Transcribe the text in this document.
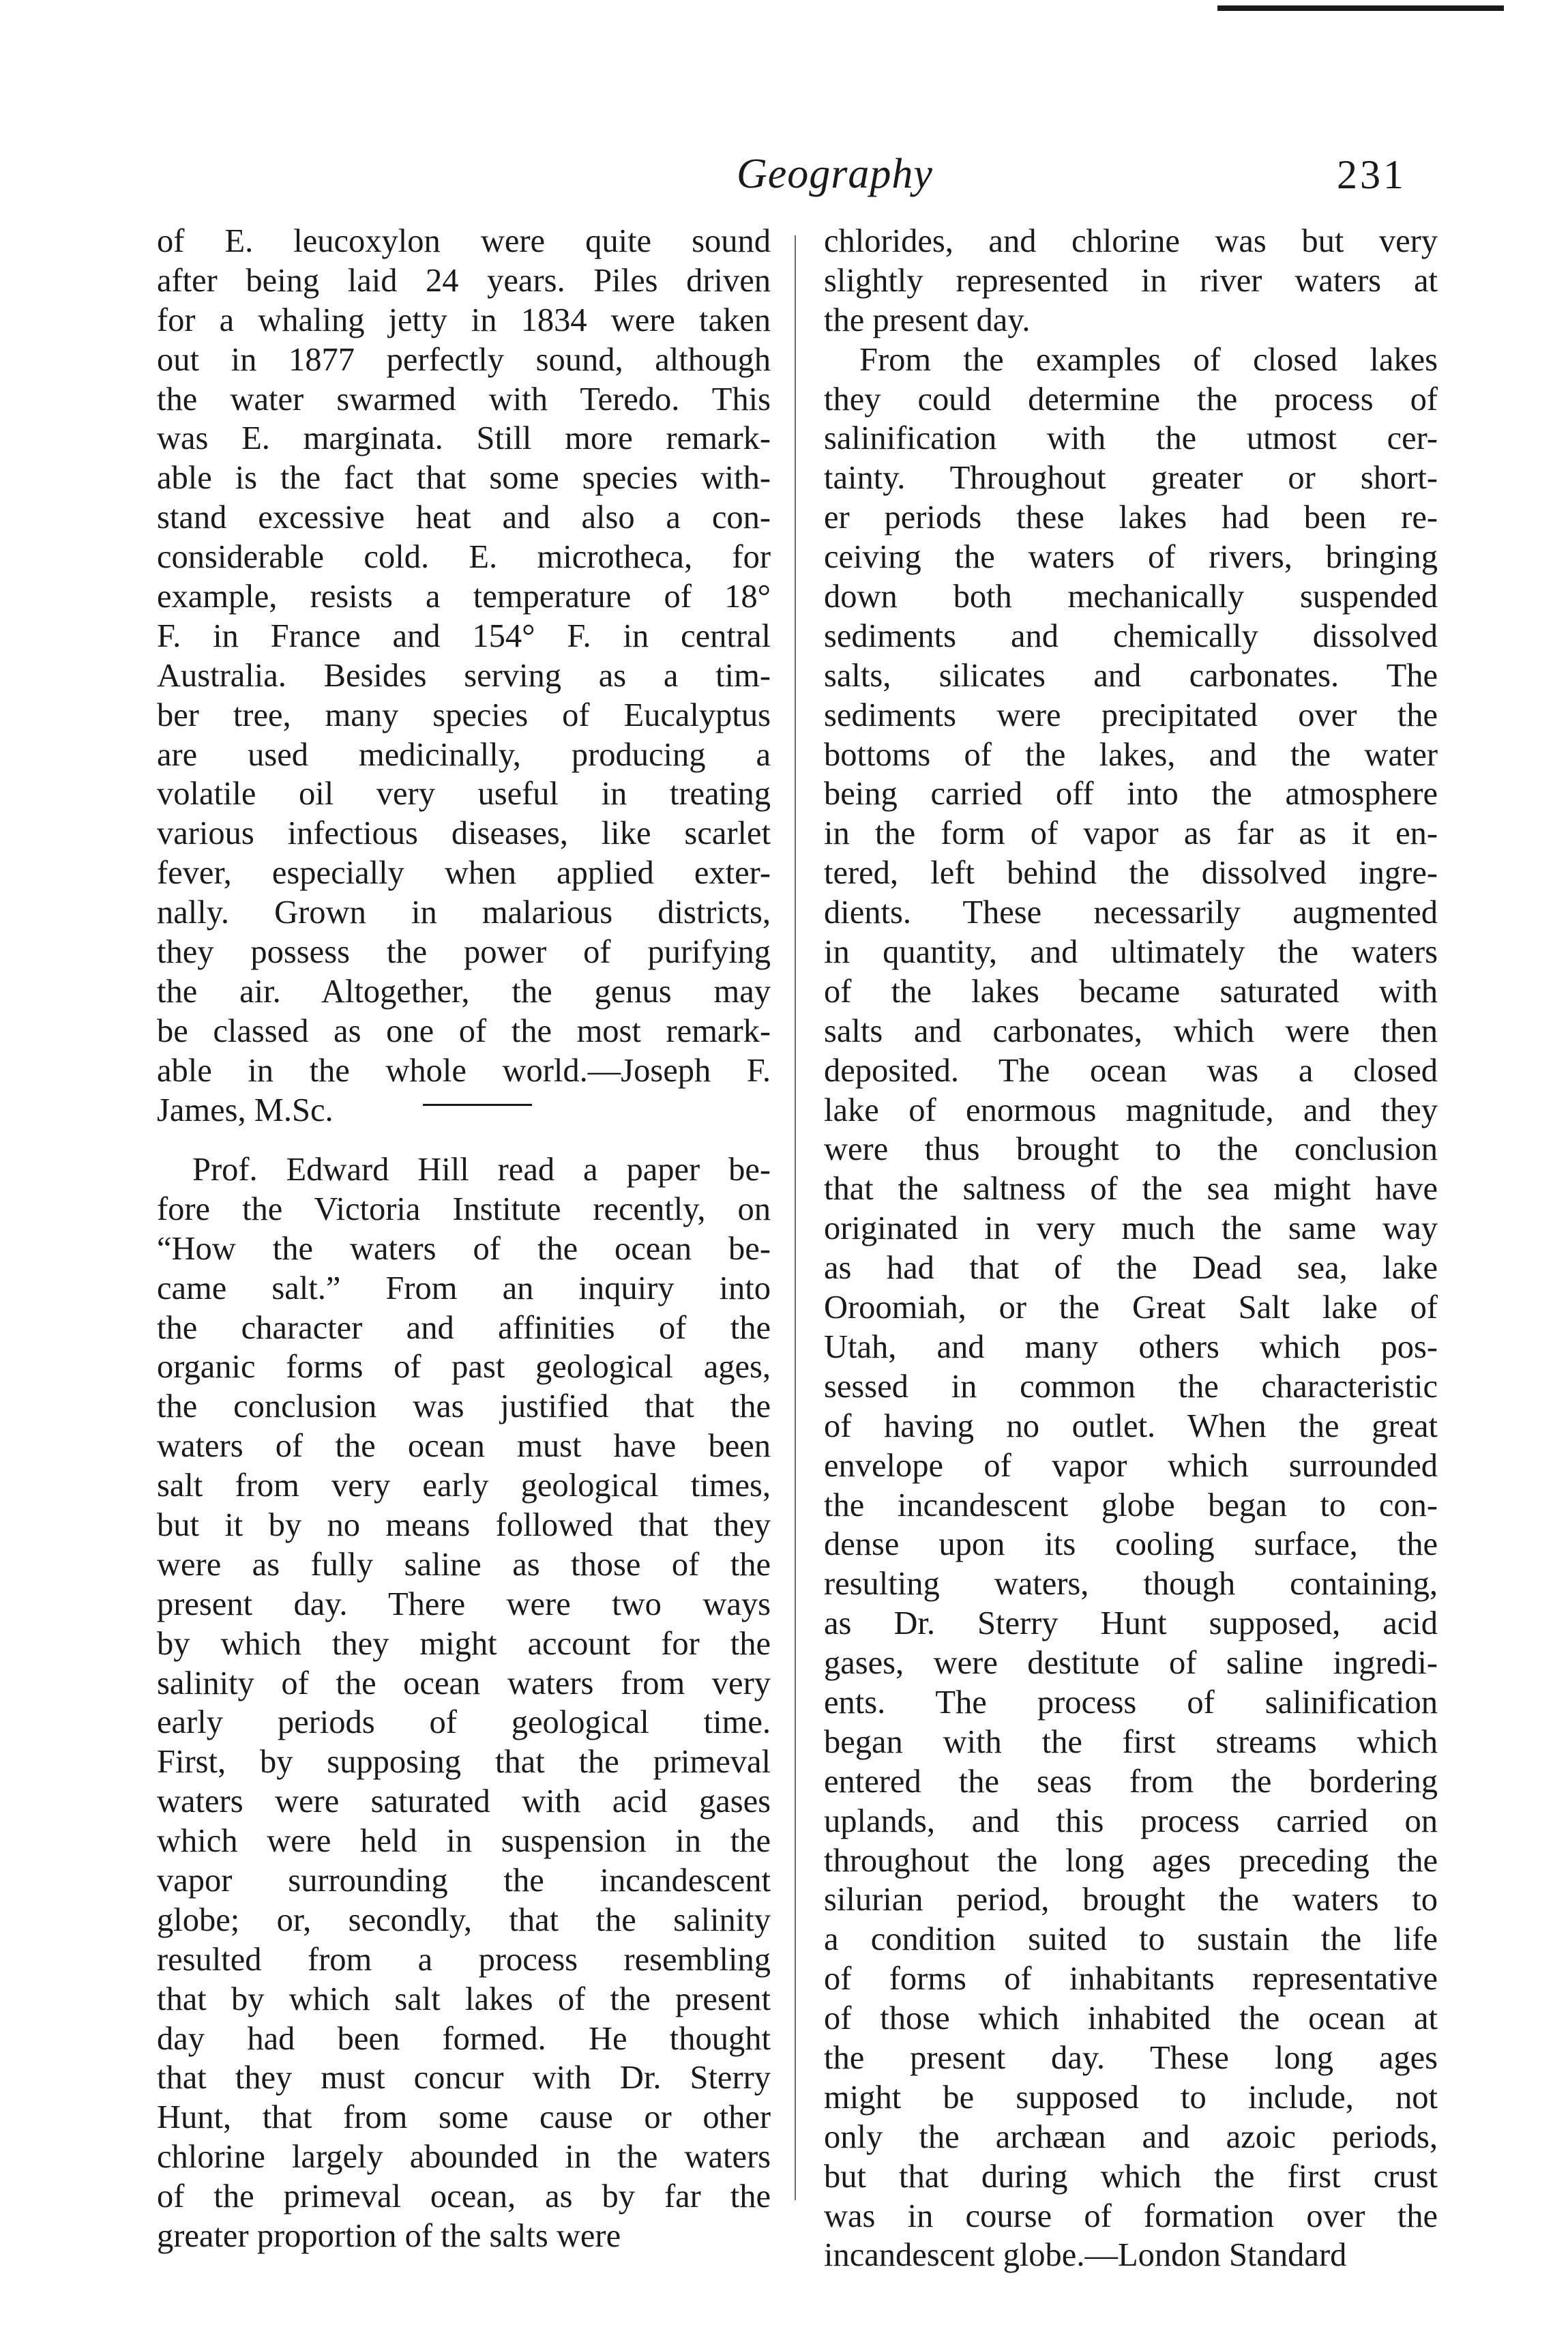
Geography	231
of E. leucoxylon were quite sound
after being laid 24 years. Piles driven
for a whaling jetty in 1834 were taken
out in 1877 perfectly sound, although
the water swarmed with Teredo. This
was E. marginata. Still more remark-
able is the fact that some species with-
stand excessive heat and also a con-
considerable cold. E. microtheca, for
example, resists a temperature of 18°
F. in France and 154° F. in central
Australia. Besides serving as a tim-
ber tree, many species of Eucalyptus
are used medicinally, producing a
volatile oil very useful in treating
various infectious diseases, like scarlet
fever, especially when applied exter-
nally. Grown in malarious districts,
they possess the power of purifying
the air. Altogether, the genus may
be classed as one of the most remark-
able in the whole world.—Joseph F.
James, M.Sc.
Prof. Edward Hill read a paper be-
fore the Victoria Institute recently, on
“How the waters of the ocean be-
came salt.” From an inquiry into
the character and affinities of the
organic forms of past geological ages,
the conclusion was justified that the
waters of the ocean must have been
salt from very early geological times,
but it by no means followed that they
were as fully saline as those of the
present day. There were two ways
by which they might account for the
salinity of the ocean waters from very
early periods of geological time.
First, by supposing that the primeval
waters were saturated with acid gases
which were held in suspension in the
vapor surrounding the incandescent
globe; or, secondly, that the salinity
resulted from a process resembling
that by which salt lakes of the present
day had been formed. He thought
that they must concur with Dr. Sterry
Hunt, that from some cause or other
chlorine largely abounded in the waters
of the primeval ocean, as by far the
greater proportion of the salts were
chlorides, and chlorine was but very
slightly represented in river waters at
the present day.
From the examples of closed lakes
they could determine the process of
salinification with the utmost cer-
tainty. Throughout greater or short-
er periods these lakes had been re-
ceiving the waters of rivers, bringing
down both mechanically suspended
sediments and chemically dissolved
salts, silicates and carbonates. The
sediments were precipitated over the
bottoms of the lakes, and the water
being carried off into the atmosphere
in the form of vapor as far as it en-
tered, left behind the dissolved ingre-
dients. These necessarily augmented
in quantity, and ultimately the waters
of the lakes became saturated with
salts and carbonates, which were then
deposited. The ocean was a closed
lake of enormous magnitude, and they
were thus brought to the conclusion
that the saltness of the sea might have
originated in very much the same way
as had that of the Dead sea, lake
Oroomiah, or the Great Salt lake of
Utah, and many others which pos-
sessed in common the characteristic
of having no outlet. When the great
envelope of vapor which surrounded
the incandescent globe began to con-
dense upon its cooling surface, the
resulting waters, though containing,
as Dr. Sterry Hunt supposed, acid
gases, were destitute of saline ingredi-
ents. The process of salinification
began with the first streams which
entered the seas from the bordering
uplands, and this process carried on
throughout the long ages preceding the
silurian period, brought the waters to
a condition suited to sustain the life
of forms of inhabitants representative
of those which inhabited the ocean at
the present day. These long ages
might be supposed to include, not
only the archæan and azoic periods,
but that during which the first crust
was in course of formation over the
incandescent globe.—London Standard
